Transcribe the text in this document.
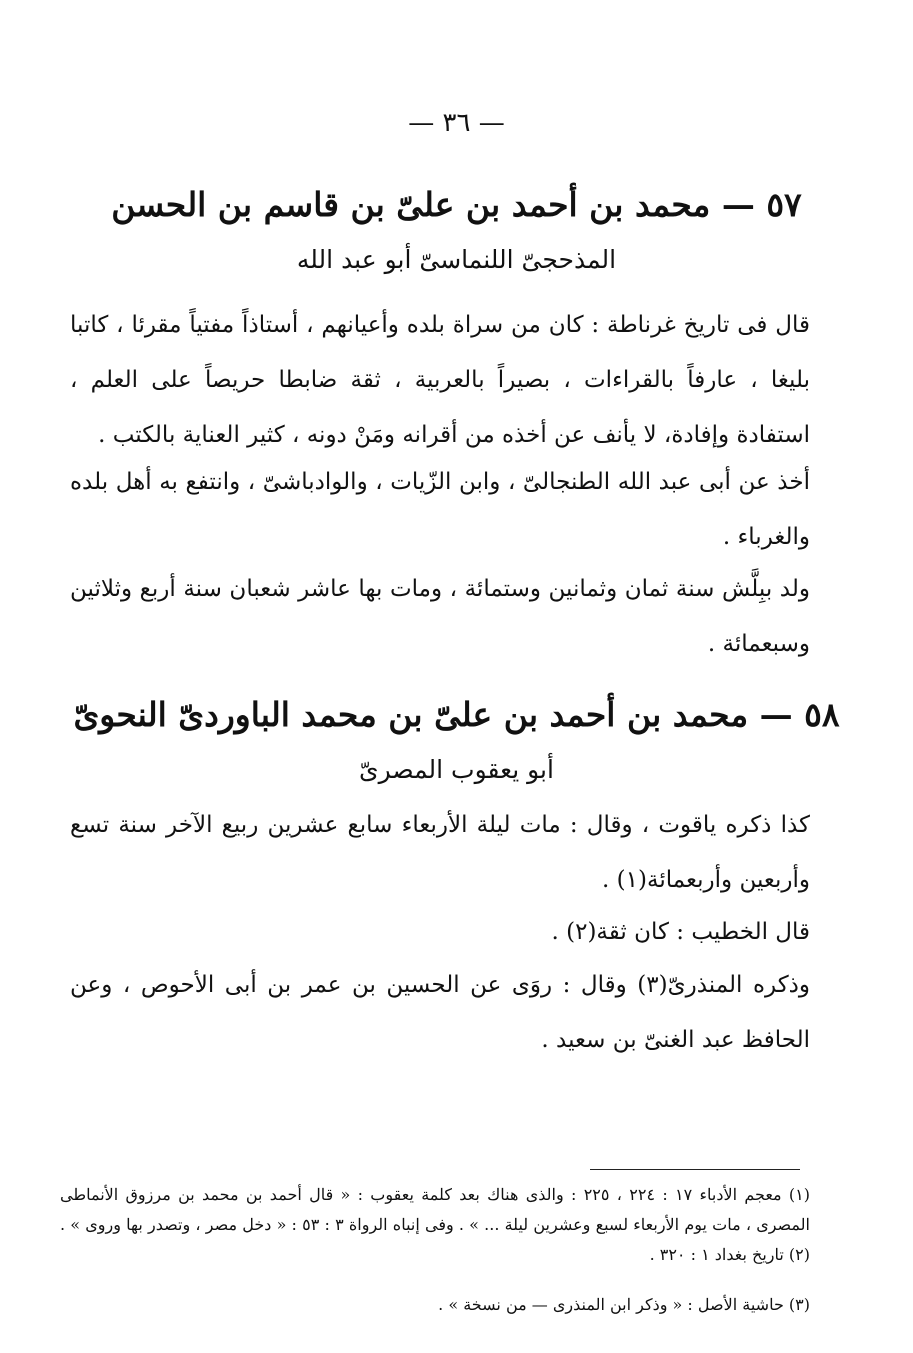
— ٣٦ —
٥٧ — محمد بن أحمد بن علىّ بن قاسم بن الحسن
المذحجىّ اللنماسىّ أبو عبد الله
قال فى تاريخ غرناطة : كان من سراة بلده وأعيانهم ، أستاذاً مفتياً مقرئا ، كاتبا بليغا ، عارفاً بالقراءات ، بصيراً بالعربية ، ثقة ضابطا حريصاً على العلم ، استفادة وإفادة، لا يأنف عن أخذه من أقرانه ومَنْ دونه ، كثير العناية بالكتب .
أخذ عن أبى عبد الله الطنجالىّ ، وابن الزّيات ، والوادباشىّ ، وانتفع به أهل بلده والغرباء .
ولد ببِلَّش سنة ثمان وثمانين وستمائة ، ومات بها عاشر شعبان سنة أربع وثلاثين وسبعمائة .
٥٨ — محمد بن أحمد بن علىّ بن محمد الباوردىّ النحوىّ
أبو يعقوب المصرىّ
كذا ذكره ياقوت ، وقال : مات ليلة الأربعاء سابع عشرين ربيع الآخر سنة تسع وأربعين وأربعمائة(١) .
قال الخطيب : كان ثقة(٢) .
وذكره المنذرىّ(٣) وقال : روَى عن الحسين بن عمر بن أبى الأحوص ، وعن الحافظ عبد الغنىّ بن سعيد .
(١) معجم الأدباء ١٧ : ٢٢٤ ، ٢٢٥ : والذى هناك بعد كلمة يعقوب : « قال أحمد بن محمد بن مرزوق الأنماطى المصرى ، مات يوم الأربعاء لسبع وعشرين ليلة ... » . وفى إنباه الرواة ٣ : ٥٣ : « دخل مصر ، وتصدر بها وروى » . (٢) تاريخ بغداد ١ : ٣٢٠ .
(٣) حاشية الأصل : « وذكر ابن المنذرى — من نسخة » .
